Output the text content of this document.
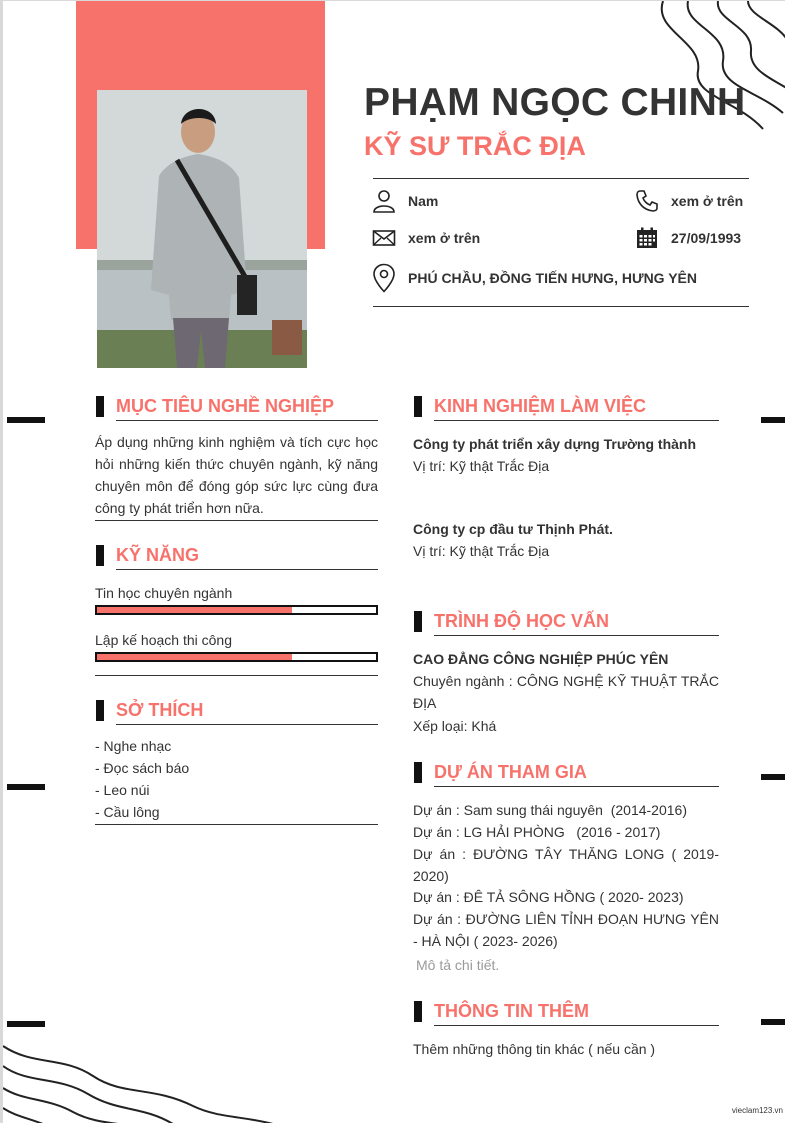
PHẠM NGỌC CHINH
KỸ SƯ TRẮC ĐỊA
Nam	xem ở trên
xem ở trên	27/09/1993
PHÚ CHẦU, ĐỒNG TIẾN HƯNG, HƯNG YÊN
MỤC TIÊU NGHỀ NGHIỆP
Áp dụng những kinh nghiệm và tích cực học hỏi những kiến thức chuyên ngành, kỹ năng chuyên môn để đóng góp sức lực cùng đưa công ty phát triển hơn nữa.
KỸ NĂNG
Tin học chuyên ngành
Lập kế hoạch thi công
SỞ THÍCH
- Nghe nhạc
- Đọc sách báo
- Leo núi
- Cầu lông
KINH NGHIỆM LÀM VIỆC
Công ty phát triển xây dựng Trường thành
Vị trí: Kỹ thật Trắc Địa
Công ty cp đầu tư Thịnh Phát.
Vị trí: Kỹ thật Trắc Địa
TRÌNH ĐỘ HỌC VẤN
CAO ĐẲNG CÔNG NGHIỆP PHÚC YÊN
Chuyên ngành : CÔNG NGHỆ KỸ THUẬT TRẮC ĐỊA
Xếp loại: Khá
DỰ ÁN THAM GIA
Dự án : Sam sung thái nguyên  (2014-2016)
Dự án : LG HẢI PHÒNG   (2016 - 2017)
Dự án : ĐƯỜNG TÂY THĂNG LONG ( 2019- 2020)
Dự án : ĐÊ TẢ SÔNG HỒNG ( 2020- 2023)
Dự án : ĐƯỜNG LIÊN TỈNH ĐOẠN HƯNG YÊN - HÀ NỘI ( 2023- 2026)
Mô tả chi tiết.
THÔNG TIN THÊM
Thêm những thông tin khác ( nếu cần )
vieclam123.vn
